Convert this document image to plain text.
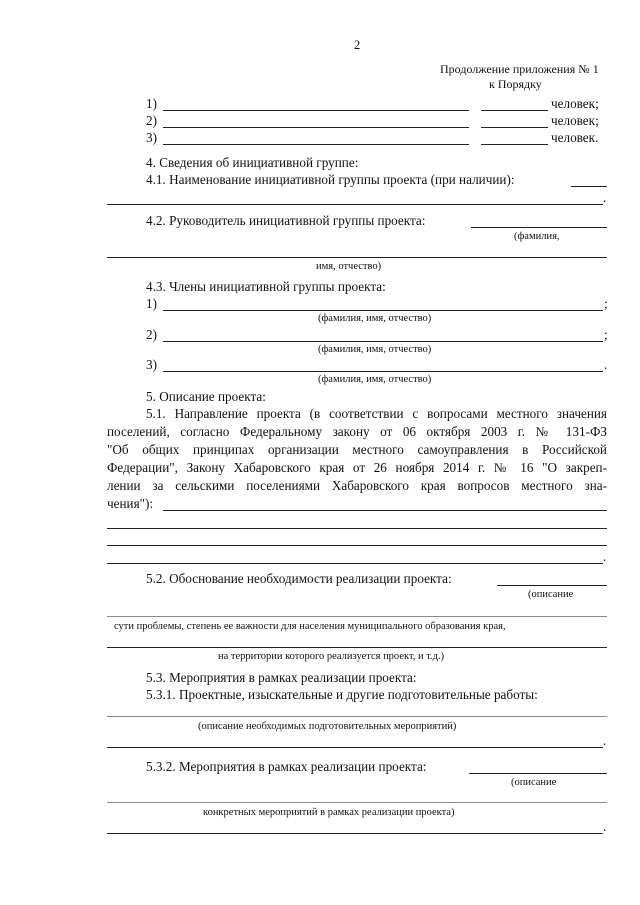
2
Продолжение приложения № 1
к Порядку
1)	человек;
2)	человек;
3)	человек.
4. Сведения об инициативной группе:
4.1. Наименование инициативной группы проекта (при наличии):
.
4.2. Руководитель инициативной группы проекта:
(фамилия,
имя, отчество)
4.3. Члены инициативной группы проекта:
1)	;
(фамилия, имя, отчество)
2)	;
(фамилия, имя, отчество)
3)	.
(фамилия, имя, отчество)
5. Описание проекта:
5.1. Направление проекта (в соответствии с вопросами местного значения
поселений, согласно Федеральному закону от 06 октября 2003 г. № 131-ФЗ
"Об общих принципах организации местного самоуправления в Российской
Федерации", Закону Хабаровского края от 26 ноября 2014 г. № 16 "О закреп-
лении за сельскими поселениями Хабаровского края вопросов местного зна-
чения"):
.
5.2. Обоснование необходимости реализации проекта:
(описание
сути проблемы, степень ее важности для населения муниципального образования края,
на территории которого реализуется проект, и т.д.)
5.3. Мероприятия в рамках реализации проекта:
5.3.1. Проектные, изыскательные и другие подготовительные работы:
(описание необходимых подготовительных мероприятий)
.
5.3.2. Мероприятия в рамках реализации проекта:
(описание
конкретных мероприятий в рамках реализации проекта)
.
